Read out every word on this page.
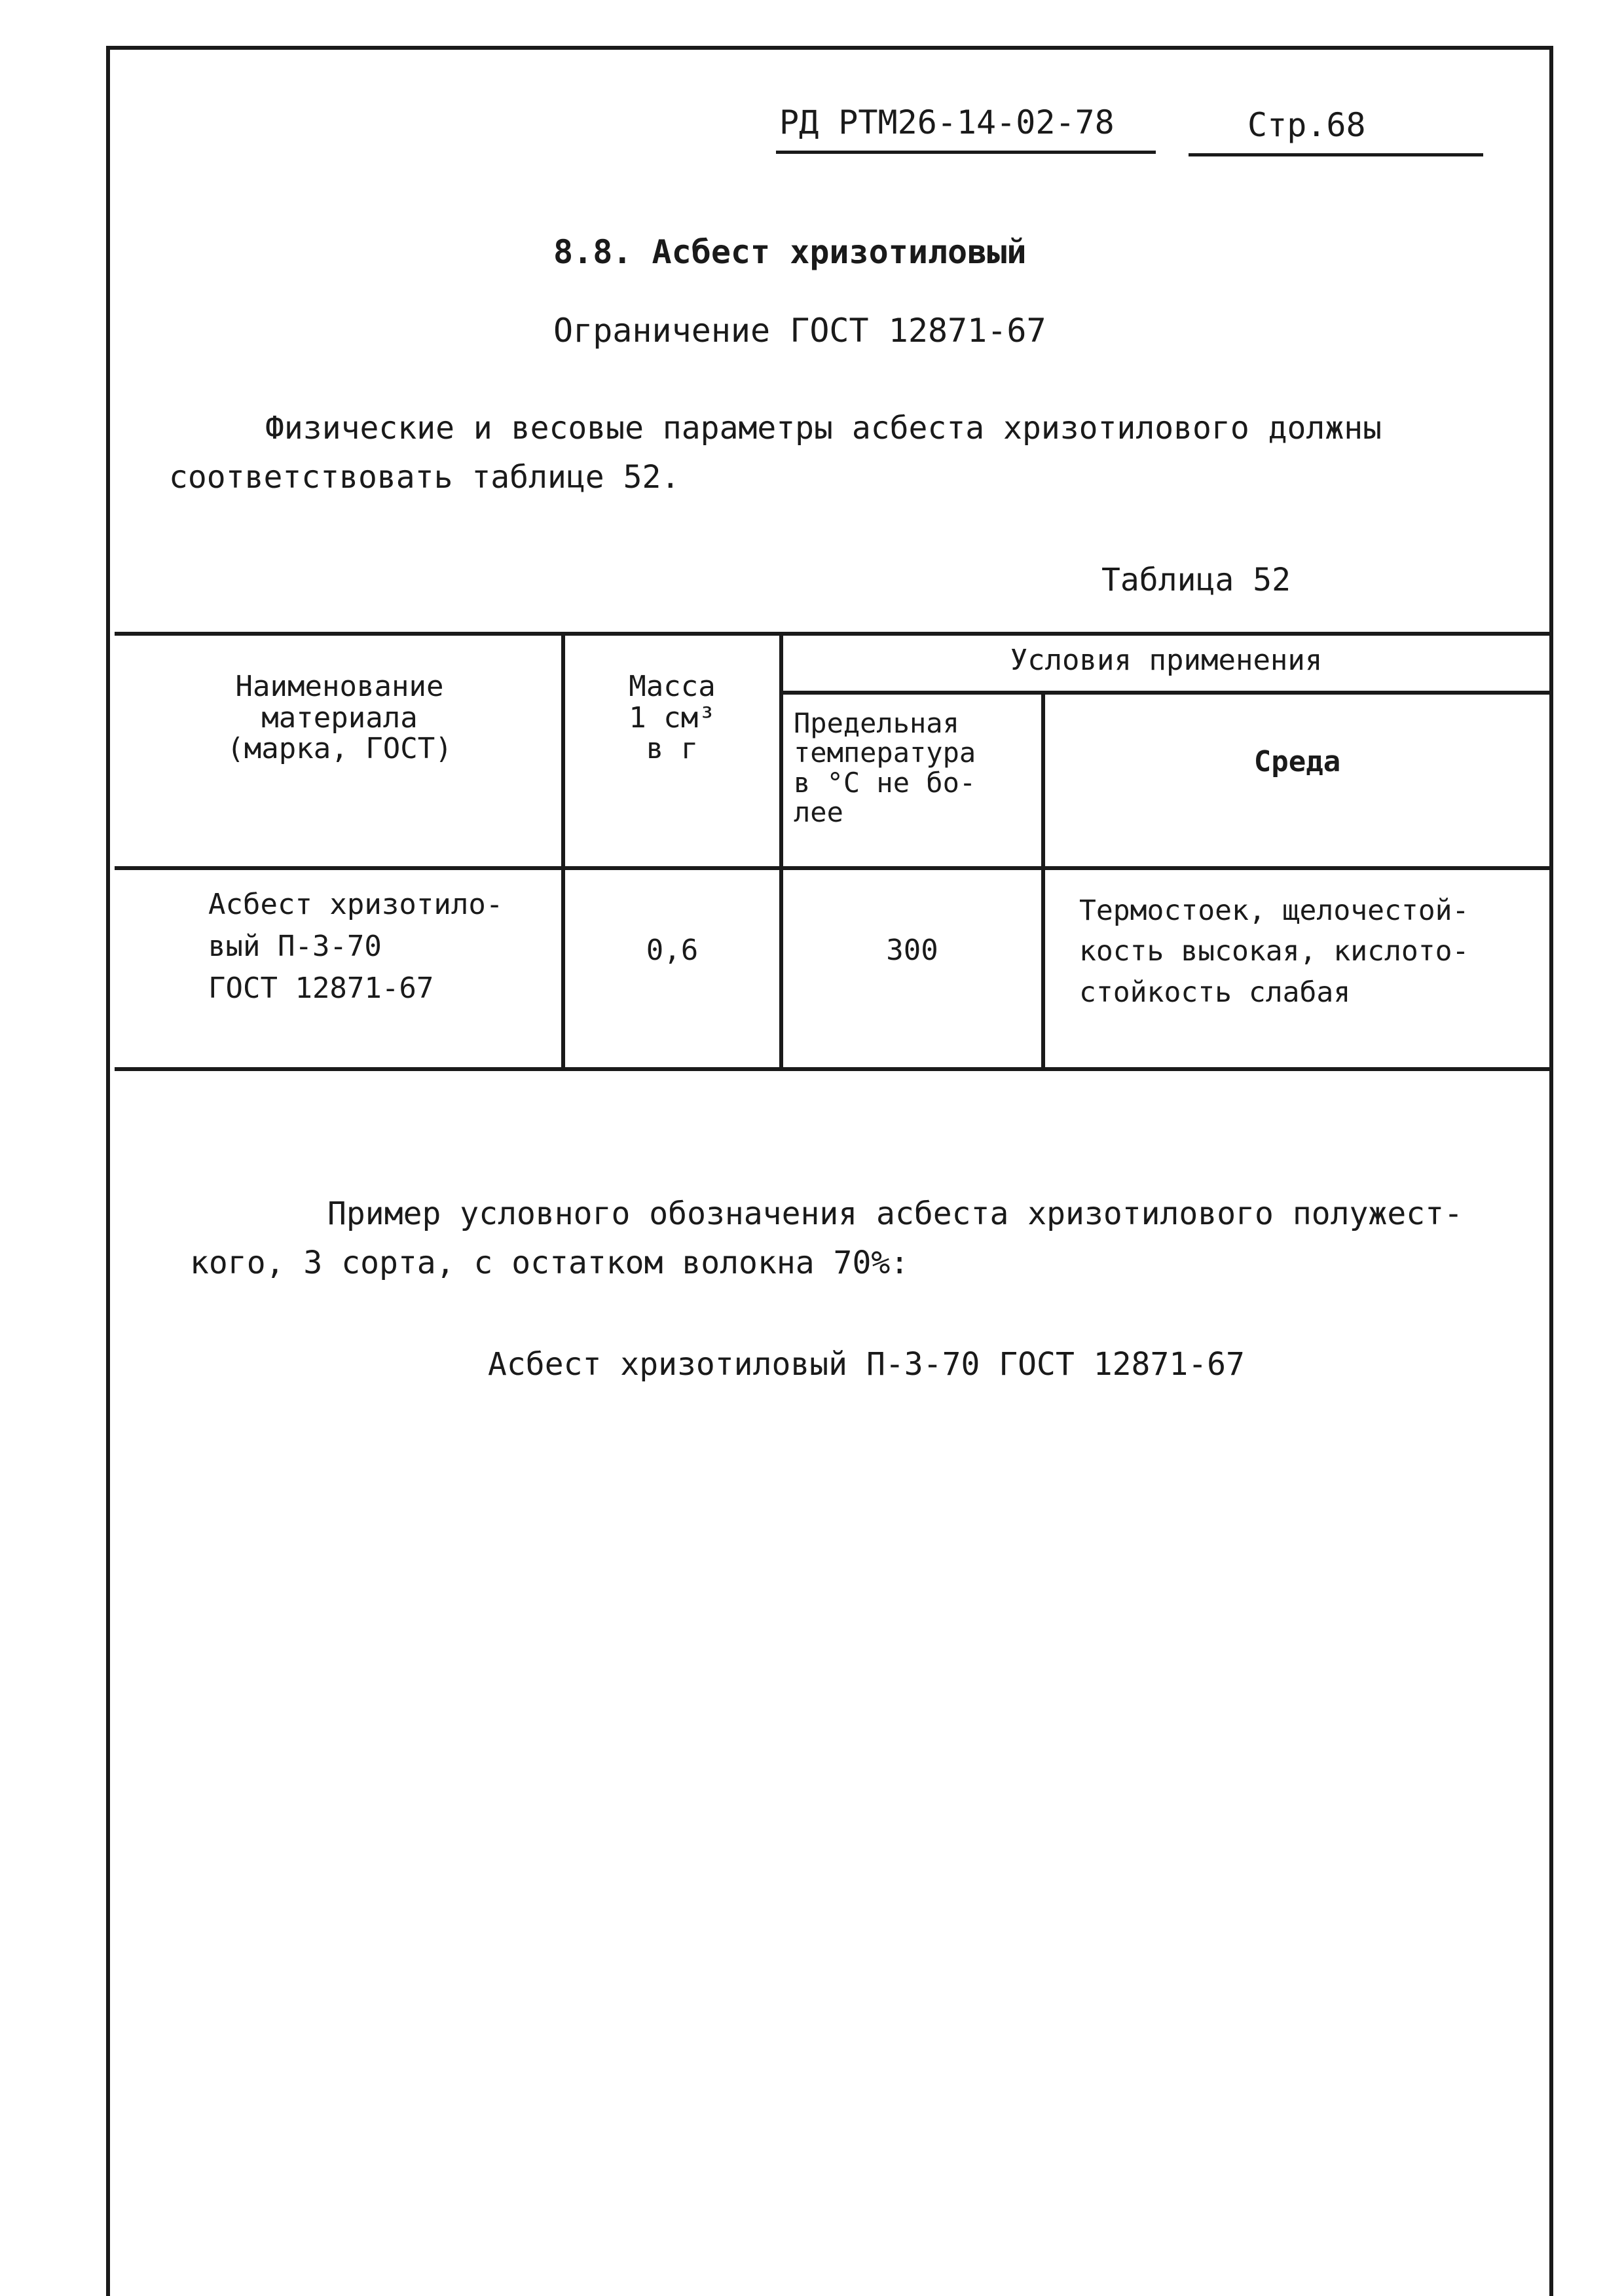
РД РТМ26-14-02-78	Стр.68
8.8. Асбест хризотиловый
Ограничение ГОСТ 12871-67
Физические и весовые параметры асбеста хризотилового должны
соответствовать таблице 52.
Таблица 52
Наименование
материала
(марка, ГОСТ)
Масса
1 см³
в г
Условия применения
Предельная
температура
в °С не бо-
лее
Среда
Асбест хризотило-
вый П-3-70
ГОСТ 12871-67
0,6	300
Термостоек, щелочестой-
кость высокая, кислото-
стойкость слабая
Пример условного обозначения асбеста хризотилового полужест-
кого, 3 сорта, с остатком волокна 70%:
Асбест хризотиловый П-3-70 ГОСТ 12871-67
